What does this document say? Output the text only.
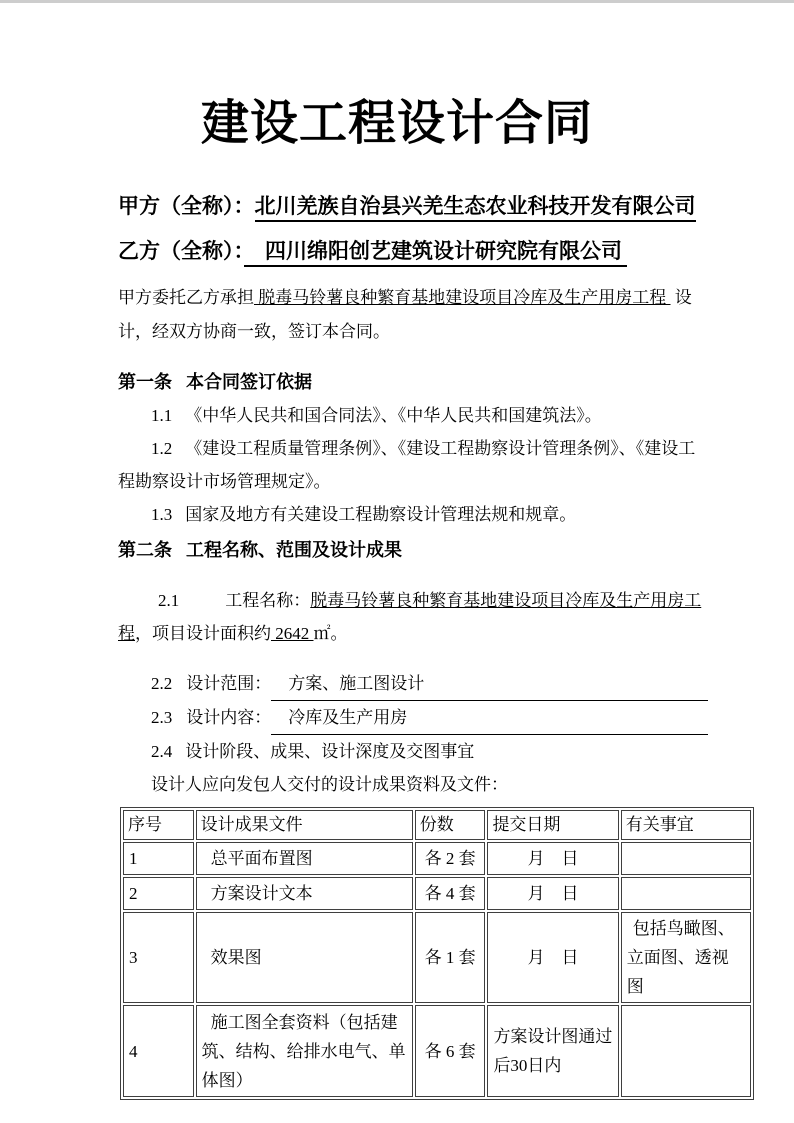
建设工程设计合同
甲方（全称）：北川羌族自治县兴羌生态农业科技开发有限公司
乙方（全称）：　四川绵阳创艺建筑设计研究院有限公司

甲方委托乙方承担 脱毒马铃薯良种繁育基地建设项目冷库及生产用房工程  设计，经双方协商一致，签订本合同。

第一条 本合同签订依据
1.1 《中华人民共和国合同法》、《中华人民共和国建筑法》。
1.2 《建设工程质量管理条例》、《建设工程勘察设计管理条例》、《建设工程勘察设计市场管理规定》。
1.3 国家及地方有关建设工程勘察设计管理法规和规章。
第二条 工程名称、范围及设计成果

2.1	工程名称：脱毒马铃薯良种繁育基地建设项目冷库及生产用房工程，项目设计面积约 2642 ㎡。

2.2 设计范围： 　方案、施工图设计
2.3 设计内容： 　冷库及生产用房
2.4 设计阶段、成果、设计深度及交图事宜
设计人应向发包人交付的设计成果资料及文件：
序号	设计成果文件	份数	提交日期	有关事宜
1	总平面布置图	各 2 套	月　日	
2	方案设计文本	各 4 套	月　日	
3	效果图	各 1 套	月　日	包括鸟瞰图、立面图、透视图
4	施工图全套资料（包括建筑、结构、给排水电气、单体图）	各 6 套	方案设计图通过后30日内	
